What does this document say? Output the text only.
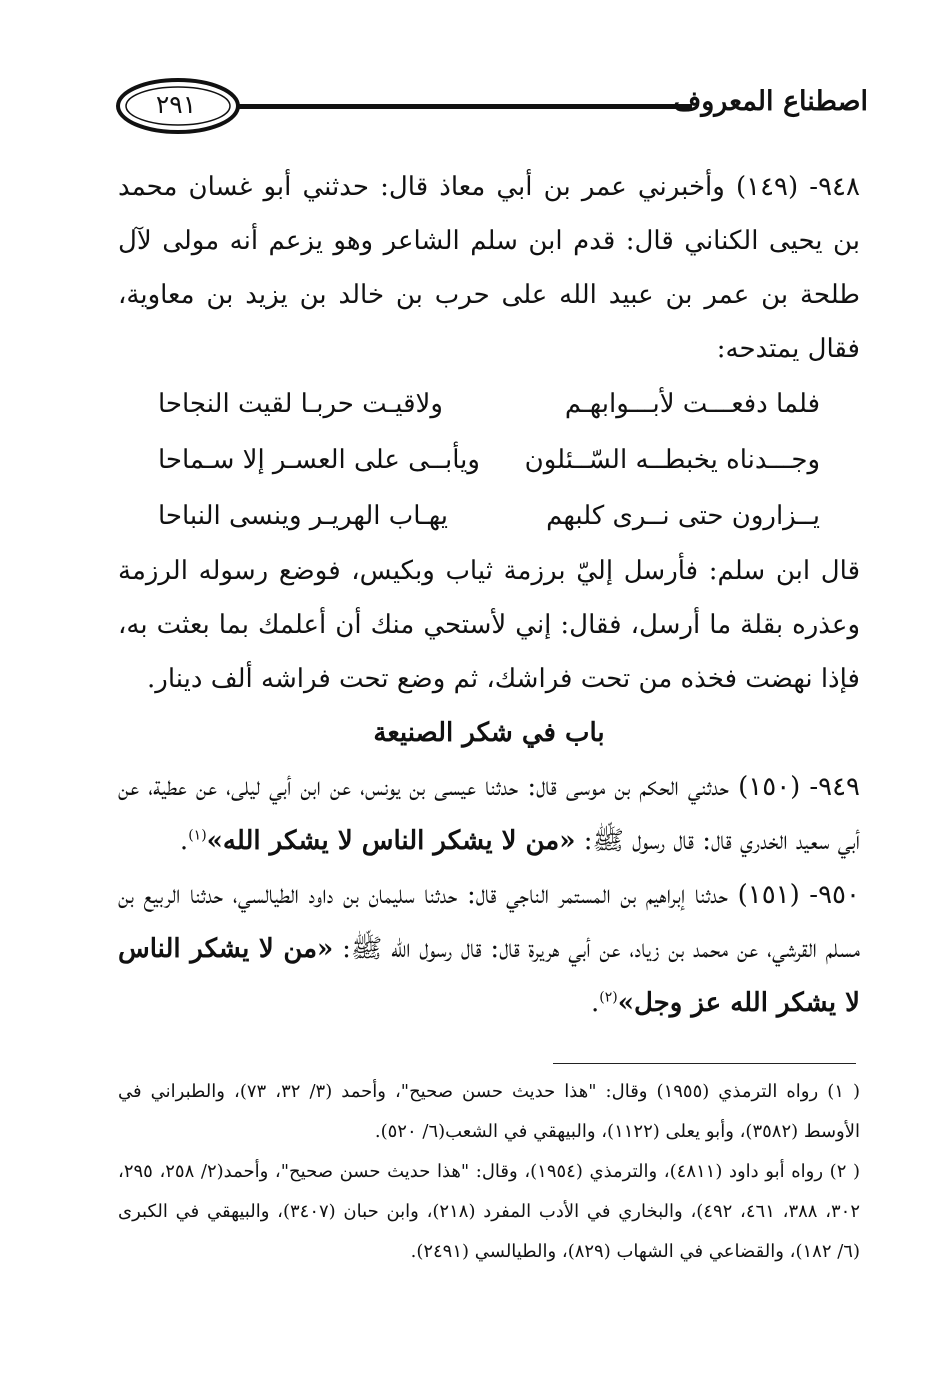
٢٩١	اصطناع المعروف

٩٤٨- (١٤٩) وأخبرني عمر بن أبي معاذ قال: حدثني أبو غسان محمد بن يحيى الكناني قال: قدم ابن سلم الشاعر وهو يزعم أنه مولى لآل طلحة بن عمر بن عبيد الله على حرب بن خالد بن يزيد بن معاوية، فقال يمتدحه:

فلما دفعـــت لأبـــوابهـم
ولاقيـت حربـا لقيت النجاحا
وجـــدناه يخبطــه السّــئلون
ويأبــى على العسـر إلا سـماحا
يــزارون حتى نــرى كلبهم
يهـاب الهريـر وينسى النباحا

قال ابن سلم: فأرسل إليّ برزمة ثياب وبكيس، فوضع رسوله الرزمة وعذره بقلة ما أرسل، فقال: إني لأستحي منك أن أعلمك بما بعثت به، فإذا نهضت فخذه من تحت فراشك، ثم وضع تحت فراشه ألف دينار.

باب في شكر الصنيعة

٩٤٩- (١٥٠) حدثني الحكم بن موسى قال: حدثنا عيسى بن يونس، عن ابن أبي ليلى، عن عطية، عن أبي سعيد الخدري قال: قال رسول ﷺ: «من لا يشكر الناس لا يشكر الله»$^{(١)}$.

٩٥٠- (١٥١) حدثنا إبراهيم بن المستمر الناجي قال: حدثنا سليمان بن داود الطيالسي، حدثنا الربيع بن مسلم القرشي، عن محمد بن زياد، عن أبي هريرة قال: قال رسول الله ﷺ: «من لا يشكر الناس لا يشكر الله عز وجل»$^{(٢)}$.

( ١) رواه الترمذي (١٩٥٥) وقال: "هذا حديث حسن صحيح"، وأحمد (٣/ ٣٢، ٧٣)، والطبراني في الأوسط (٣٥٨٢)، وأبو يعلى (١١٢٢)، والبيهقي في الشعب(٦/ ٥٢٠).

( ٢) رواه أبو داود (٤٨١١)، والترمذي (١٩٥٤)، وقال: "هذا حديث حسن صحيح"، وأحمد(٢/ ٢٥٨، ٢٩٥، ٣٠٢، ٣٨٨، ٤٦١، ٤٩٢)، والبخاري في الأدب المفرد (٢١٨)، وابن حبان (٣٤٠٧)، والبيهقي في الكبرى (٦/ ١٨٢)، والقضاعي في الشهاب (٨٢٩)، والطيالسي (٢٤٩١).
